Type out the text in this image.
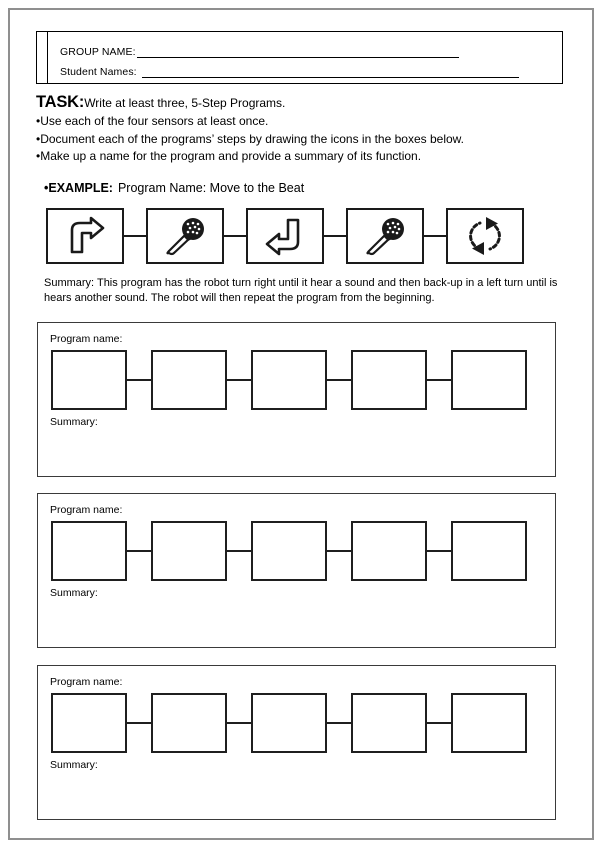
GROUP NAME:
Student Names:
TASK:Write at least three, 5-Step Programs.
•Use each of the four sensors at least once.
•Document each of the programs’ steps by drawing the icons in the boxes below.
•Make up a name for the program and provide a summary of its function.
•EXAMPLE: Program Name: Move to the Beat
Summary: This program has the robot turn right until it hear a sound and then back-up in a left turn until is hears another sound. The robot will then repeat the program from the beginning.
Program name:
Summary:
Program name:
Summary:
Program name:
Summary:
